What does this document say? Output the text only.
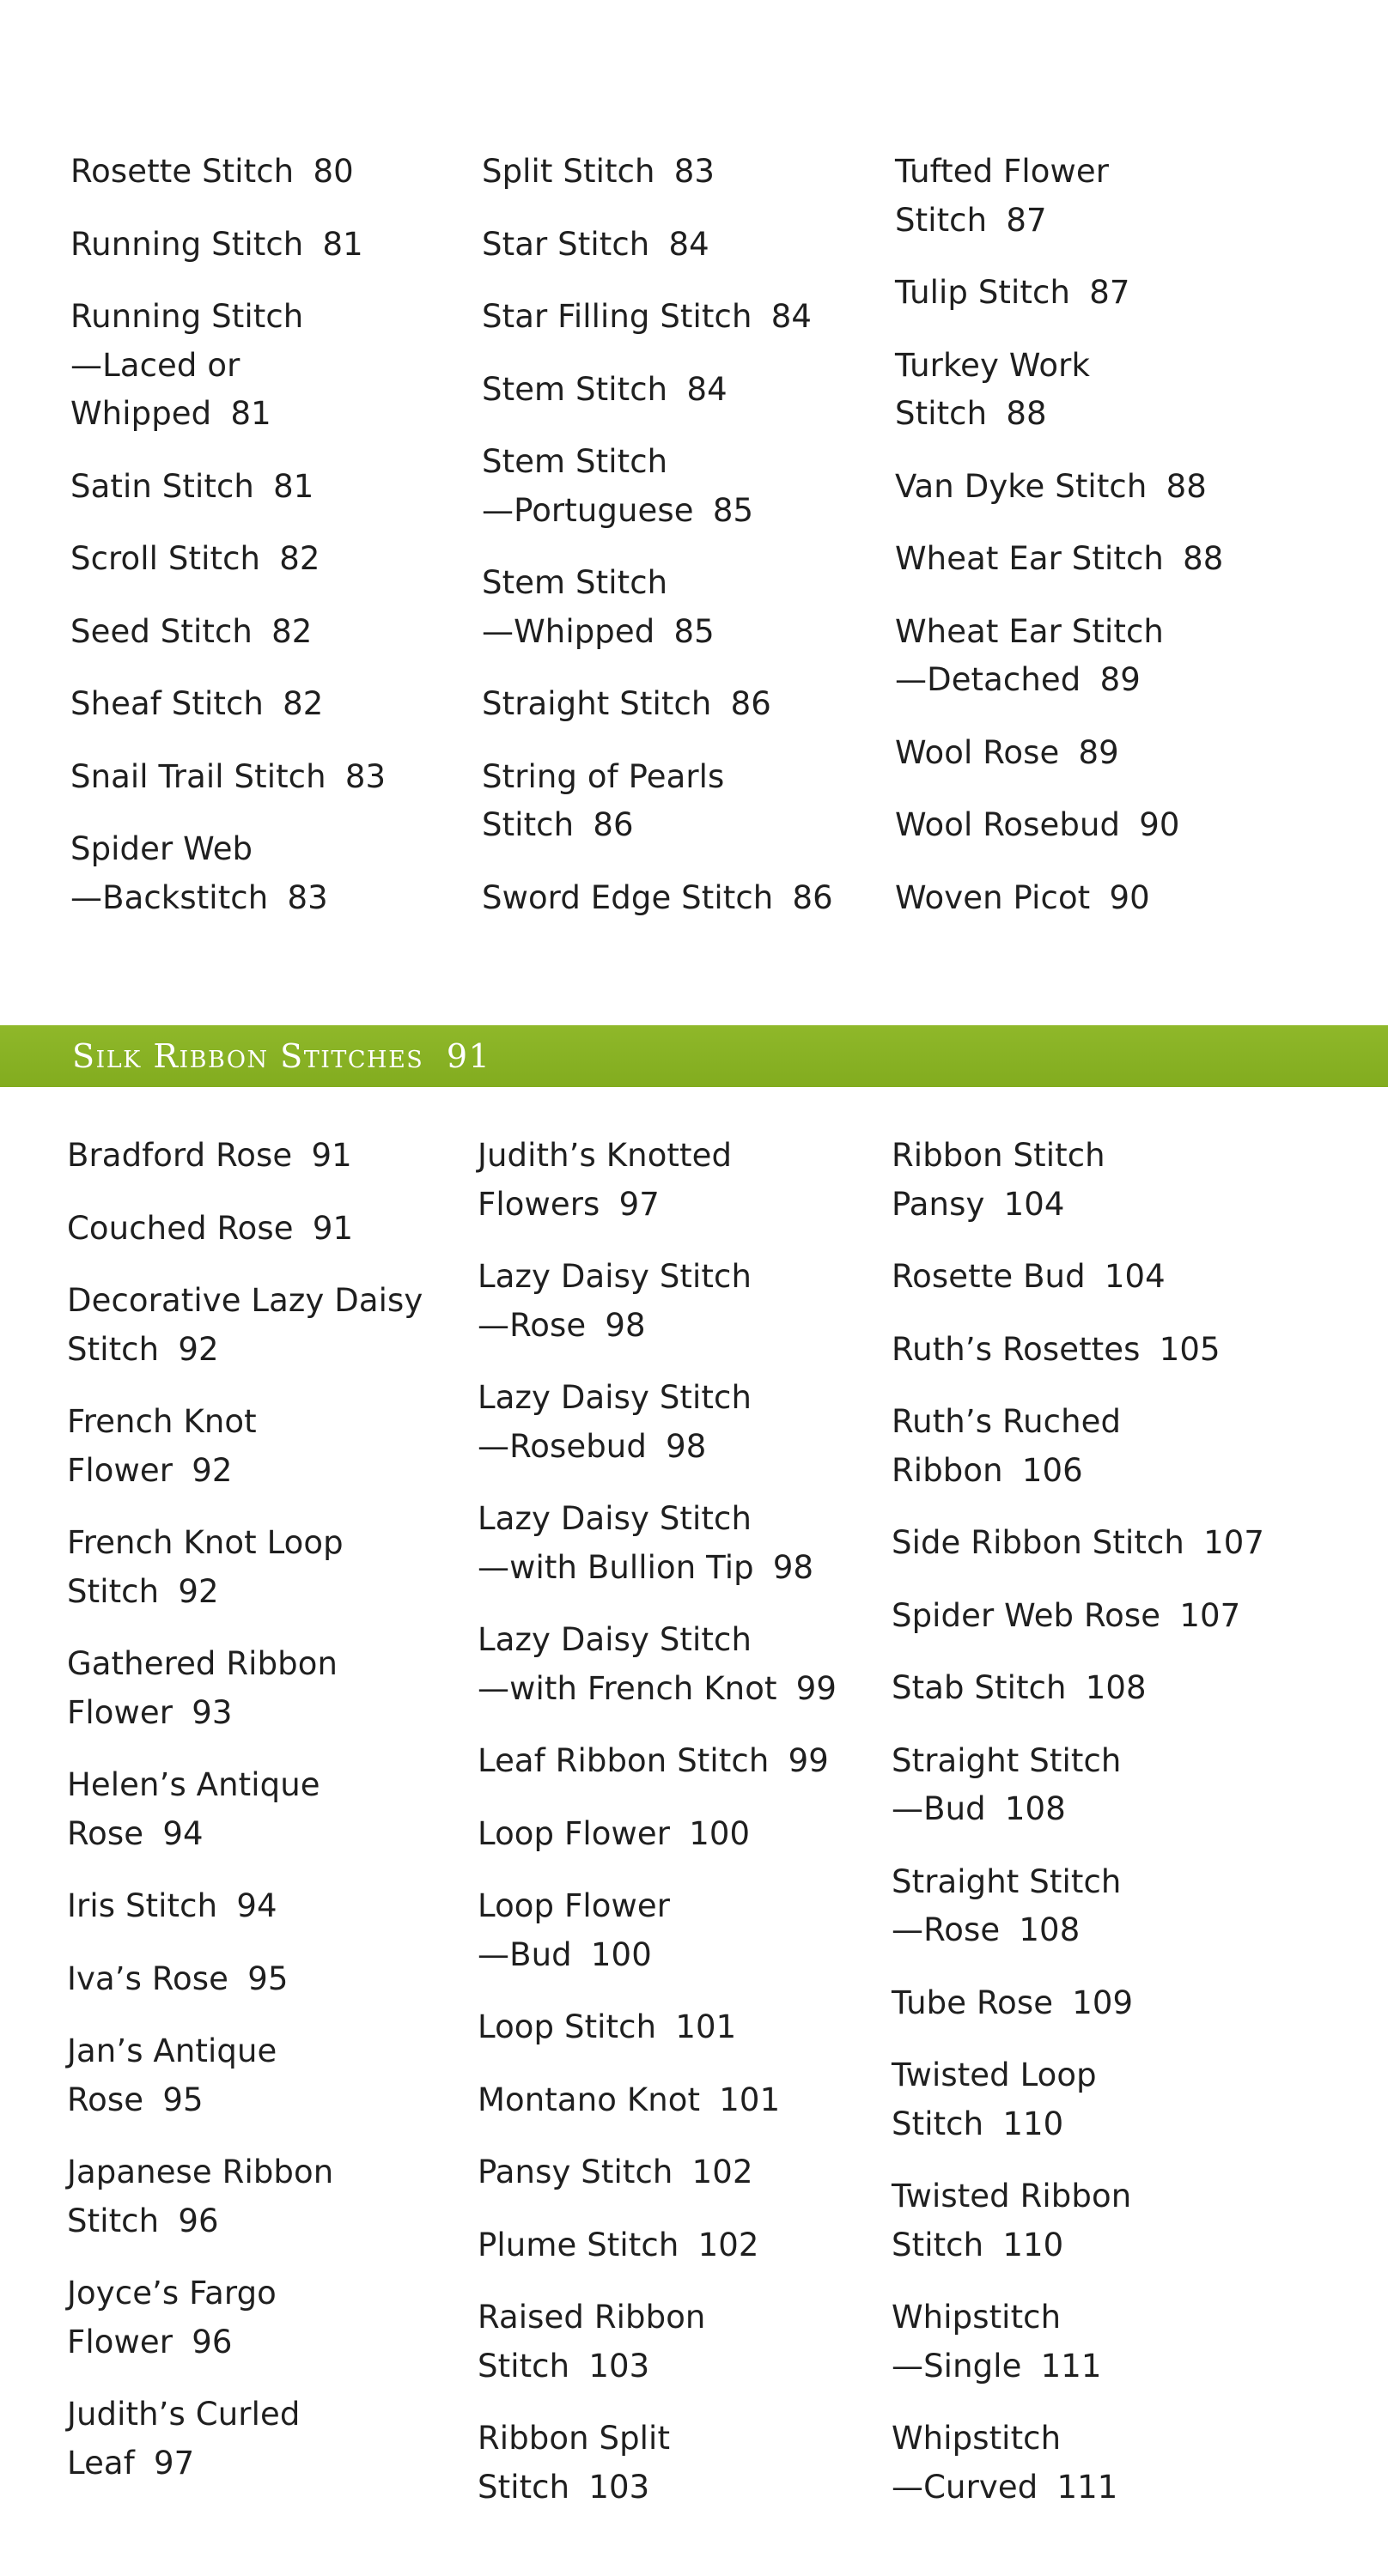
Rosette Stitch 80
Running Stitch 81
Running Stitch
—Laced or
Whipped 81
Satin Stitch 81
Scroll Stitch 82
Seed Stitch 82
Sheaf Stitch 82
Snail Trail Stitch 83
Spider Web
—Backstitch 83
Split Stitch 83
Star Stitch 84
Star Filling Stitch 84
Stem Stitch 84
Stem Stitch
—Portuguese 85
Stem Stitch
—Whipped 85
Straight Stitch 86
String of Pearls
Stitch 86
Sword Edge Stitch 86
Tufted Flower
Stitch 87
Tulip Stitch 87
Turkey Work
Stitch 88
Van Dyke Stitch 88
Wheat Ear Stitch 88
Wheat Ear Stitch
—Detached 89
Wool Rose 89
Wool Rosebud 90
Woven Picot 90
Silk Ribbon Stitches 91
Bradford Rose 91
Couched Rose 91
Decorative Lazy Daisy
Stitch 92
French Knot
Flower 92
French Knot Loop
Stitch 92
Gathered Ribbon
Flower 93
Helen’s Antique
Rose 94
Iris Stitch 94
Iva’s Rose 95
Jan’s Antique
Rose 95
Japanese Ribbon
Stitch 96
Joyce’s Fargo
Flower 96
Judith’s Curled
Leaf 97
Judith’s Knotted
Flowers 97
Lazy Daisy Stitch
—Rose 98
Lazy Daisy Stitch
—Rosebud 98
Lazy Daisy Stitch
—with Bullion Tip 98
Lazy Daisy Stitch
—with French Knot 99
Leaf Ribbon Stitch 99
Loop Flower 100
Loop Flower
—Bud 100
Loop Stitch 101
Montano Knot 101
Pansy Stitch 102
Plume Stitch 102
Raised Ribbon
Stitch 103
Ribbon Split
Stitch 103
Ribbon Stitch
Pansy 104
Rosette Bud 104
Ruth’s Rosettes 105
Ruth’s Ruched
Ribbon 106
Side Ribbon Stitch 107
Spider Web Rose 107
Stab Stitch 108
Straight Stitch
—Bud 108
Straight Stitch
—Rose 108
Tube Rose 109
Twisted Loop
Stitch 110
Twisted Ribbon
Stitch 110
Whipstitch
—Single 111
Whipstitch
—Curved 111
